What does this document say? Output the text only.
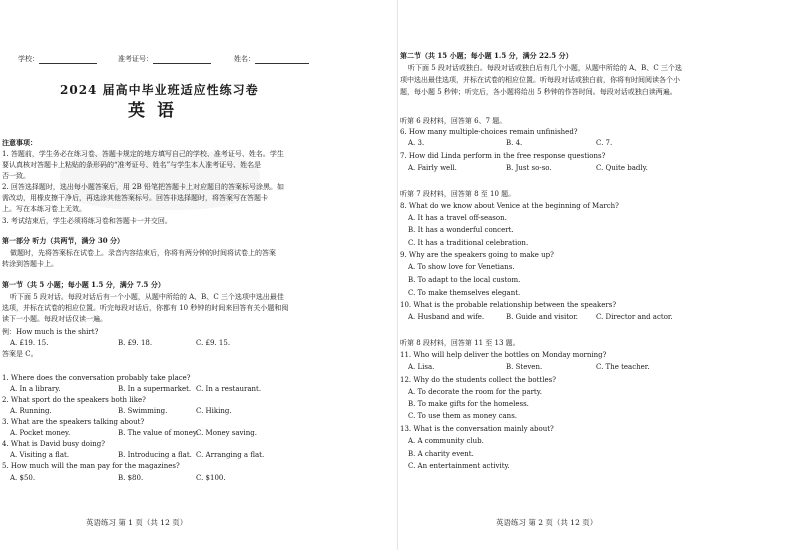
学校：	准考证号：	姓名：
2024 届高中毕业班适应性练习卷
英语
注意事项：
1. 答题前，学生务必在练习卷、答题卡规定的地方填写自己的学校、准考证号、姓名。学生
要认真核对答题卡上粘贴的条形码的“准考证号、姓名”与学生本人准考证号、姓名是
否一致。
2. 回答选择题时，选出每小题答案后，用 2B 铅笔把答题卡上对应题目的答案标号涂黑。如
需改动，用橡皮擦干净后，再选涂其他答案标号。回答非选择题时，将答案写在答题卡
上。写在本练习卷上无效。
3. 考试结束后，学生必须将练习卷和答题卡一并交回。
第一部分 听力（共两节，满分 30 分）
做题时，先将答案标在试卷上。录音内容结束后，你将有两分钟的时间将试卷上的答案
转涂到答题卡上。
第一节（共 5 小题；每小题 1.5 分，满分 7.5 分）
听下面 5 段对话。每段对话后有一个小题，从题中所给的 A、B、C 三个选项中选出最佳
选项，并标在试卷的相应位置。听完每段对话后，你都有 10 秒钟的时间来回答有关小题和阅
读下一小题。每段对话仅读一遍。
例：How much is the shirt?
A. £19. 15.	B. £9. 18.	C. £9. 15.
答案是 C。
1. Where does the conversation probably take place?
A. In a library.	B. In a supermarket. C. In a restaurant.
2. What sport do the speakers both like?
A. Running.	B. Swimming.	C. Hiking.
3. What are the speakers talking about?
A. Pocket money.	B. The value of money.
C. Money saving.
4. What is David busy doing?
A. Visiting a flat.	B. Introducing a flat. C. Arranging a flat.
5. How much will the man pay for the magazines?
A. $50.	B. $80.	C. $100.
英语练习 第 1 页（共 12 页）
第二节（共 15 小题；每小题 1.5 分，满分 22.5 分）
听下面 5 段对话或独白。每段对话或独白后有几个小题，从题中所给的 A、B、C 三个选
项中选出最佳选项，并标在试卷的相应位置。听每段对话或独白前，你将有时间阅读各个小
题，每小题 5 秒钟；听完后，各小题将给出 5 秒钟的作答时间。每段对话或独白读两遍。
听第 6 段材料，回答第 6、7 题。
6. How many multiple-choices remain unfinished?
A. 3.	B. 4.	C. 7.
7. How did Linda perform in the free response questions?
A. Fairly well.	B. Just so-so.	C. Quite badly.
听第 7 段材料，回答第 8 至 10 题。
8. What do we know about Venice at the beginning of March?
A. It has a travel off-season.
B. It has a wonderful concert.
C. It has a traditional celebration.
9. Why are the speakers going to make up?
A. To show love for Venetians.
B. To adapt to the local custom.
C. To make themselves elegant.
10. What is the probable relationship between the speakers?
A. Husband and wife.	B. Guide and visitor.	C. Director and actor.
听第 8 段材料，回答第 11 至 13 题。
11. Who will help deliver the bottles on Monday morning?
A. Lisa.	B. Steven.	C. The teacher.
12. Why do the students collect the bottles?
A. To decorate the room for the party.
B. To make gifts for the homeless.
C. To use them as money cans.
13. What is the conversation mainly about?
A. A community club.
B. A charity event.
C. An entertainment activity.
英语练习 第 2 页（共 12 页）
